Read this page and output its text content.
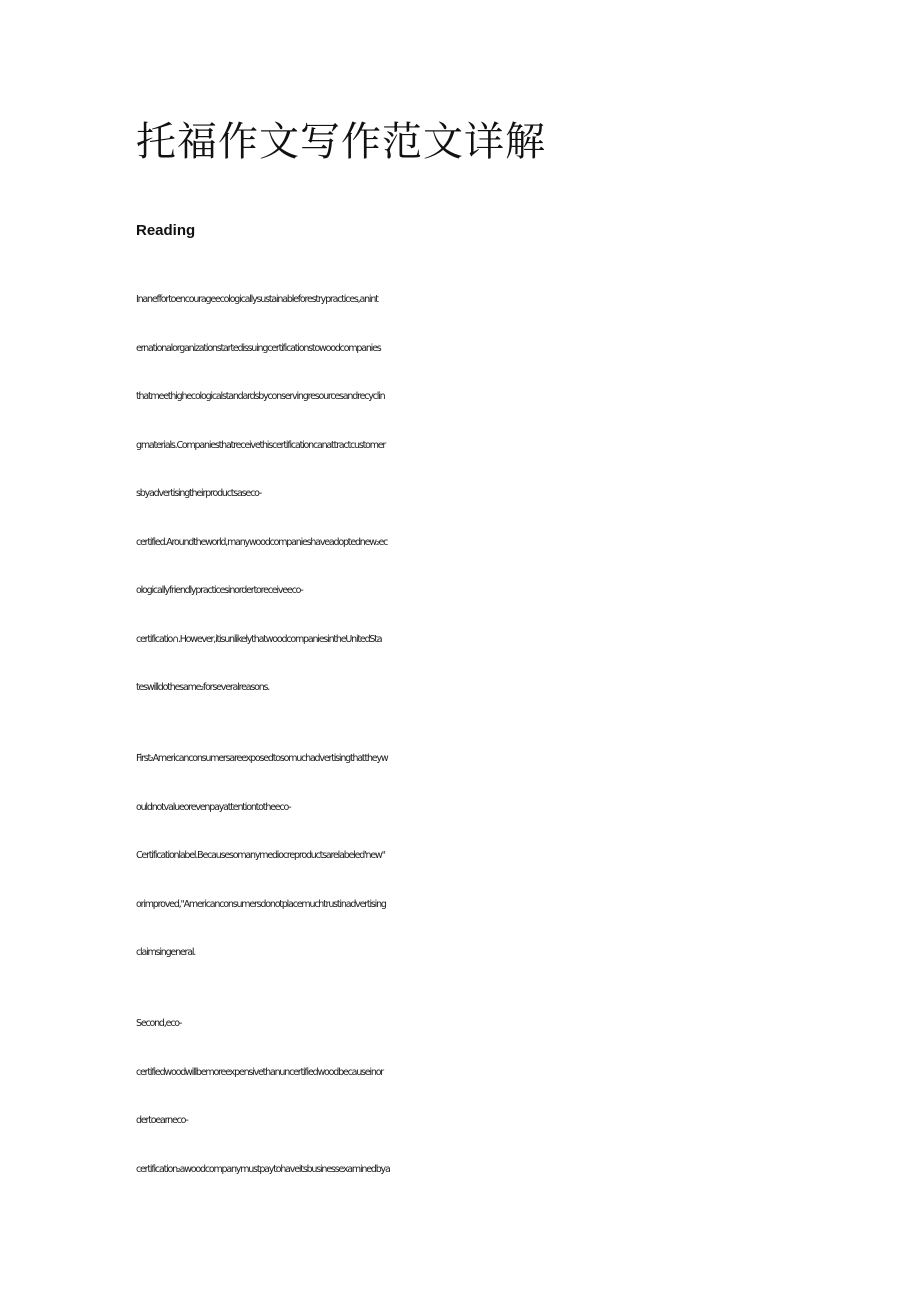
托福作文写作范文详解
Reading
Inaneffortoencourageecologicallysustainableforestrypractices,anint
ernationalorganizationstartedissuingcertificationstowoodcompanies
thatmeethighecologicalstandardsbyconservingresourcesandrecyclin
gmaterials.Companiesthatreceivethiscertificationcanattractcustomer
sbyadvertisingtheirproductsaseco-
certified.Aroundtheworld,manywoodcompanieshaveadoptednew₂ec
ologicallyfriendlypracticesinordertoreceiveeco-
certificatio∩.However,itisunlikelythatwoodcompaniesintheUnitedSta
teswilldothesame₂forseveralreasons.
First₂Americanconsumersareexposedtosomuchadvertisingthattheyw
ouldnotvalueorevenpayattentiontotheeco-
Certificationlabel.Becausesomanymediocreproductsarelabeled'new"
orimproved,"Americanconsumersdonotplacemuchtrustinadvertising
claimsingeneral.
Second,eco-
certifiedwoodwillbemoreexpensivethanuncertifiedwoodbecauseinor
dertoearneco-
certification₂awoodcompanymustpaytohaveitsbusinessexaminedbya
